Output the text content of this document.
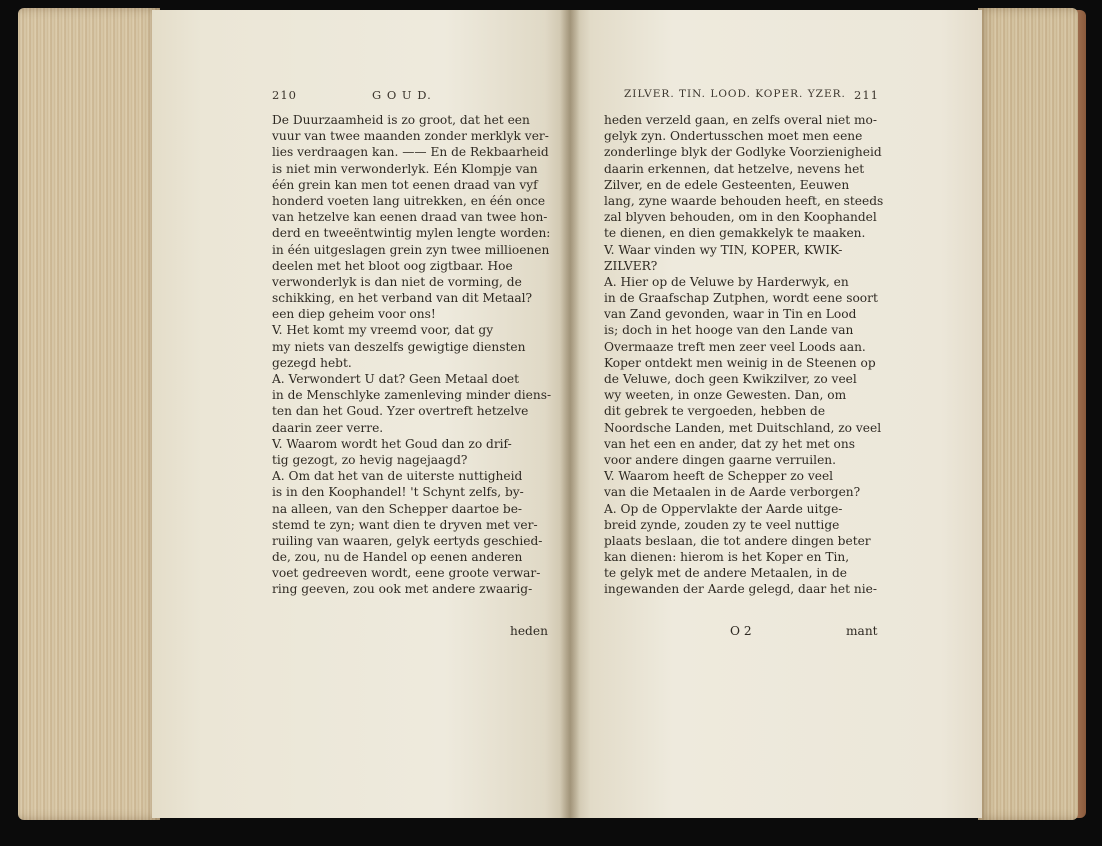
210	G O U D.	ZILVER. TIN. LOOD. KOPER. YZER. 211
De Duurzaamheid is zo groot, dat het een
vuur van twee maanden zonder merklyk ver-
lies verdraagen kan. —— En de Rekbaarheid
is niet min verwonderlyk. Eén Klompje van
één grein kan men tot eenen draad van vyf
honderd voeten lang uitrekken, en één once
van hetzelve kan eenen draad van twee hon-
derd en tweeëntwintig mylen lengte worden:
in één uitgeslagen grein zyn twee millioenen
deelen met het bloot oog zigtbaar. Hoe
verwonderlyk is dan niet de vorming, de
schikking, en het verband van dit Metaal?
een diep geheim voor ons!
V. Het komt my vreemd voor, dat gy
my niets van deszelfs gewigtige diensten
gezegd hebt.
A. Verwondert U dat? Geen Metaal doet
in de Menschlyke zamenleving minder diens-
ten dan het Goud. Yzer overtreft hetzelve
daarin zeer verre.
V. Waarom wordt het Goud dan zo drif-
tig gezogt, zo hevig nagejaagd?
A. Om dat het van de uiterste nuttigheid
is in den Koophandel! 't Schynt zelfs, by-
na alleen, van den Schepper daartoe be-
stemd te zyn; want dien te dryven met ver-
ruiling van waaren, gelyk eertyds geschied-
de, zou, nu de Handel op eenen anderen
voet gedreeven wordt, eene groote verwar-
ring geeven, zou ook met andere zwaarig-
heden verzeld gaan, en zelfs overal niet mo-
gelyk zyn. Ondertusschen moet men eene
zonderlinge blyk der Godlyke Voorzienigheid
daarin erkennen, dat hetzelve, nevens het
Zilver, en de edele Gesteenten, Eeuwen
lang, zyne waarde behouden heeft, en steeds
zal blyven behouden, om in den Koophandel
te dienen, en dien gemakkelyk te maaken.
V. Waar vinden wy TIN, KOPER, KWIK-
ZILVER?
A. Hier op de Veluwe by Harderwyk, en
in de Graafschap Zutphen, wordt eene soort
van Zand gevonden, waar in Tin en Lood
is; doch in het hooge van den Lande van
Overmaaze treft men zeer veel Loods aan.
Koper ontdekt men weinig in de Steenen op
de Veluwe, doch geen Kwikzilver, zo veel
wy weeten, in onze Gewesten. Dan, om
dit gebrek te vergoeden, hebben de
Noordsche Landen, met Duitschland, zo veel
van het een en ander, dat zy het met ons
voor andere dingen gaarne verruilen.
V. Waarom heeft de Schepper zo veel
van die Metaalen in de Aarde verborgen?
A. Op de Oppervlakte der Aarde uitge-
breid zynde, zouden zy te veel nuttige
plaats beslaan, die tot andere dingen beter
kan dienen: hierom is het Koper en Tin,
te gelyk met de andere Metaalen, in de
ingewanden der Aarde gelegd, daar het nie-
heden	O 2	mant
